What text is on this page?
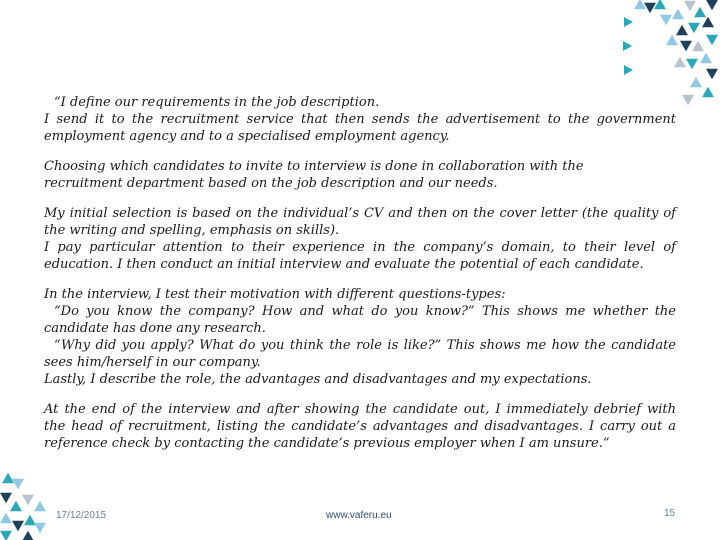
“I define our requirements in the job description.
I send it to the recruitment service that then sends the advertisement to the government
employment agency and to a specialised employment agency.
Choosing which candidates to invite to interview is done in collaboration with the
recruitment department based on the job description and our needs.
My initial selection is based on the individual’s CV and then on the cover letter (the quality of
the writing and spelling, emphasis on skills).
I pay particular attention to their experience in the company’s domain, to their level of
education. I then conduct an initial interview and evaluate the potential of each candidate.
In the interview, I test their motivation with different questions-types:
“Do you know the company? How and what do you know?” This shows me whether the
candidate has done any research.
“Why did you apply? What do you think the role is like?” This shows me how the candidate
sees him/herself in our company.
Lastly, I describe the role, the advantages and disadvantages and my expectations.
At the end of the interview and after showing the candidate out, I immediately debrief with
the head of recruitment, listing the candidate’s advantages and disadvantages. I carry out a
reference check by contacting the candidate’s previous employer when I am unsure.”
17/12/2015	www.vaferu.eu	15
